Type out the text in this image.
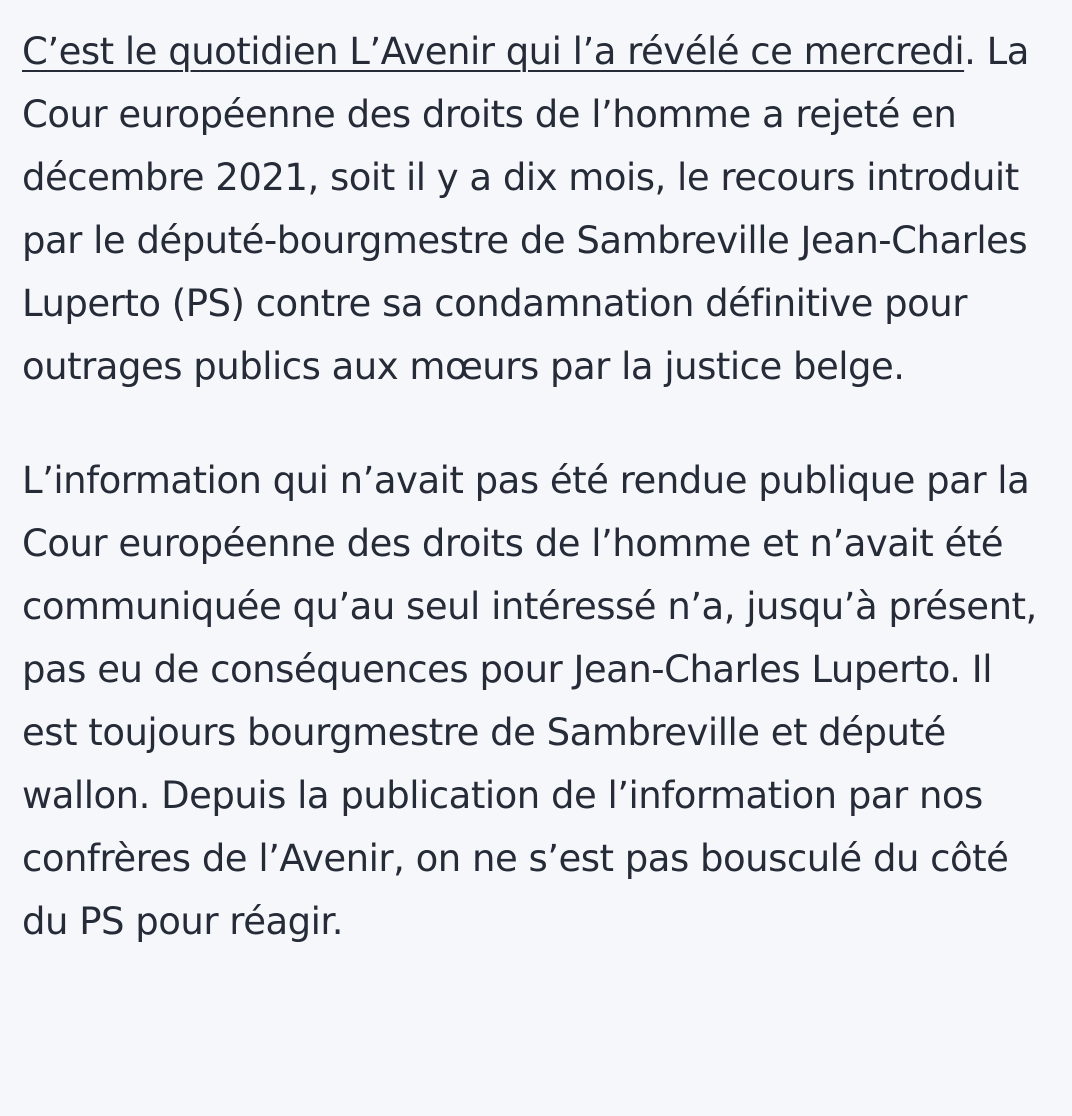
C’est le quotidien L’Avenir qui l’a révélé ce mercredi. La Cour européenne des droits de l’homme a rejeté en décembre 2021, soit il y a dix mois, le recours introduit par le député-bourgmestre de Sambreville Jean-Charles Luperto (PS) contre sa condamnation définitive pour outrages publics aux mœurs par la justice belge.

L’information qui n’avait pas été rendue publique par la Cour européenne des droits de l’homme et n’avait été communiquée qu’au seul intéressé n’a, jusqu’à présent, pas eu de conséquences pour Jean-Charles Luperto. Il est toujours bourgmestre de Sambreville et député wallon. Depuis la publication de l’information par nos confrères de l’Avenir, on ne s’est pas bousculé du côté du PS pour réagir.
